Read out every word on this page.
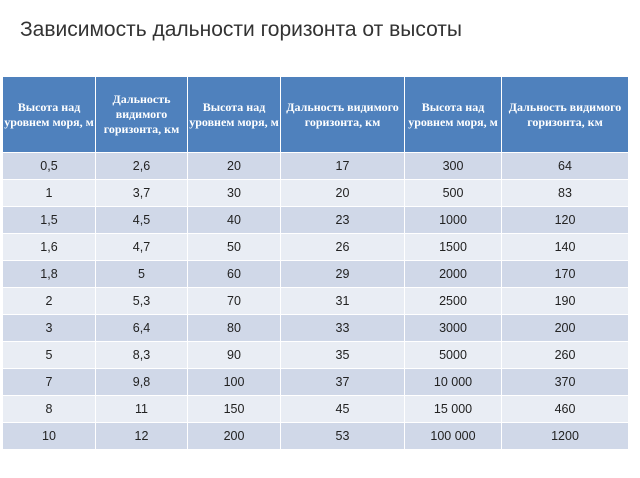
Зависимость дальности горизонта от высоты
Высота над уровнем моря, м	Дальность видимого горизонта, км	Высота над уровнем моря, м	Дальность видимого горизонта, км	Высота над уровнем моря, м	Дальность видимого горизонта, км
0,5	2,6	20	17	300	64
1	3,7	30	20	500	83
1,5	4,5	40	23	1000	120
1,6	4,7	50	26	1500	140
1,8	5	60	29	2000	170
2	5,3	70	31	2500	190
3	6,4	80	33	3000	200
5	8,3	90	35	5000	260
7	9,8	100	37	10 000	370
8	11	150	45	15 000	460
10	12	200	53	100 000	1200
